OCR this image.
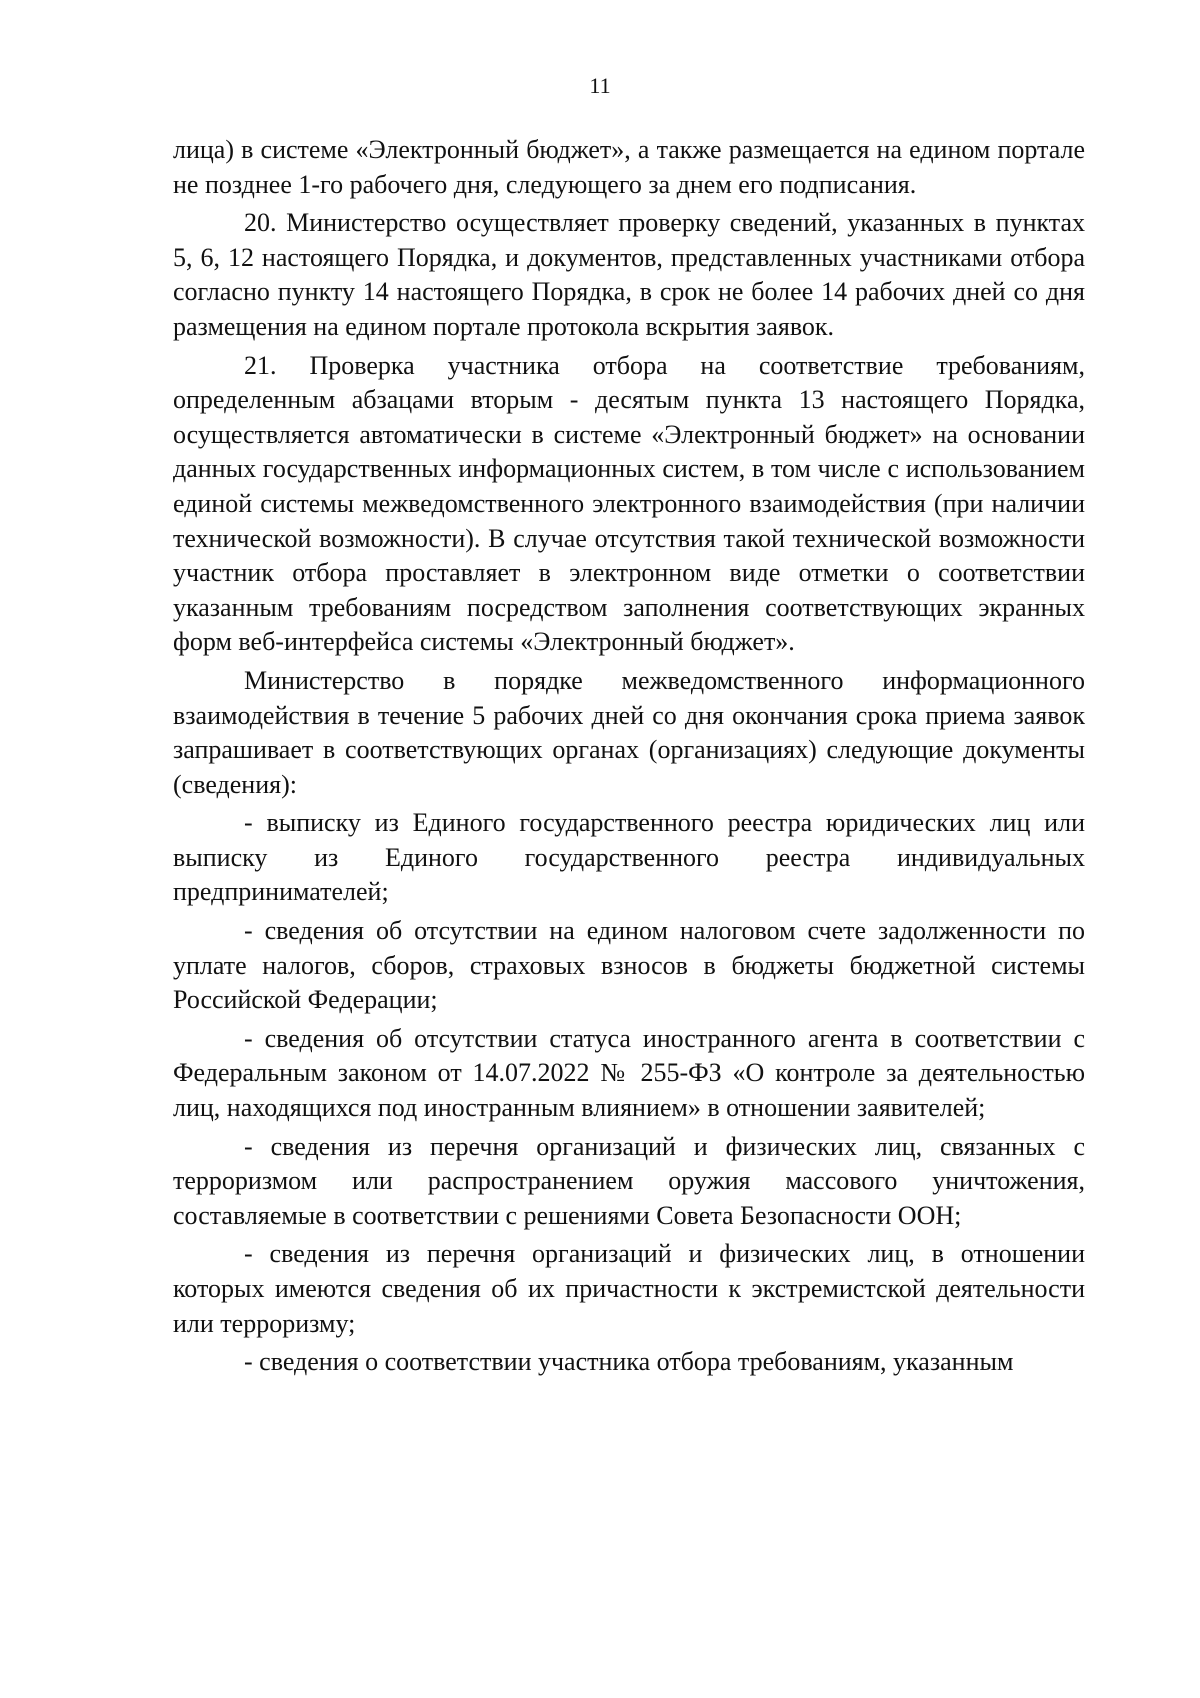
11

лица) в системе «Электронный бюджет», а также размещается на едином портале не позднее 1-го рабочего дня, следующего за днем его подписания.

20. Министерство осуществляет проверку сведений, указанных в пунктах 5, 6, 12 настоящего Порядка, и документов, представленных участниками отбора согласно пункту 14 настоящего Порядка, в срок не более 14 рабочих дней со дня размещения на едином портале протокола вскрытия заявок.

21. Проверка участника отбора на соответствие требованиям, определенным абзацами вторым - десятым пункта 13 настоящего Порядка, осуществляется автоматически в системе «Электронный бюджет» на основании данных государственных информационных систем, в том числе с использованием единой системы межведомственного электронного взаимодействия (при наличии технической возможности). В случае отсутствия такой технической возможности участник отбора проставляет в электронном виде отметки о соответствии указанным требованиям посредством заполнения соответствующих экранных форм веб-интерфейса системы «Электронный бюджет».

Министерство в порядке межведомственного информационного взаимодействия в течение 5 рабочих дней со дня окончания срока приема заявок запрашивает в соответствующих органах (организациях) следующие документы (сведения):

- выписку из Единого государственного реестра юридических лиц или выписку из Единого государственного реестра индивидуальных предпринимателей;

- сведения об отсутствии на едином налоговом счете задолженности по уплате налогов, сборов, страховых взносов в бюджеты бюджетной системы Российской Федерации;

- сведения об отсутствии статуса иностранного агента в соответствии с Федеральным законом от 14.07.2022 № 255-ФЗ «О контроле за деятельностью лиц, находящихся под иностранным влиянием» в отношении заявителей;

- сведения из перечня организаций и физических лиц, связанных с терроризмом или распространением оружия массового уничтожения, составляемые в соответствии с решениями Совета Безопасности ООН;

- сведения из перечня организаций и физических лиц, в отношении которых имеются сведения об их причастности к экстремистской деятельности или терроризму;

- сведения о соответствии участника отбора требованиям, указанным
